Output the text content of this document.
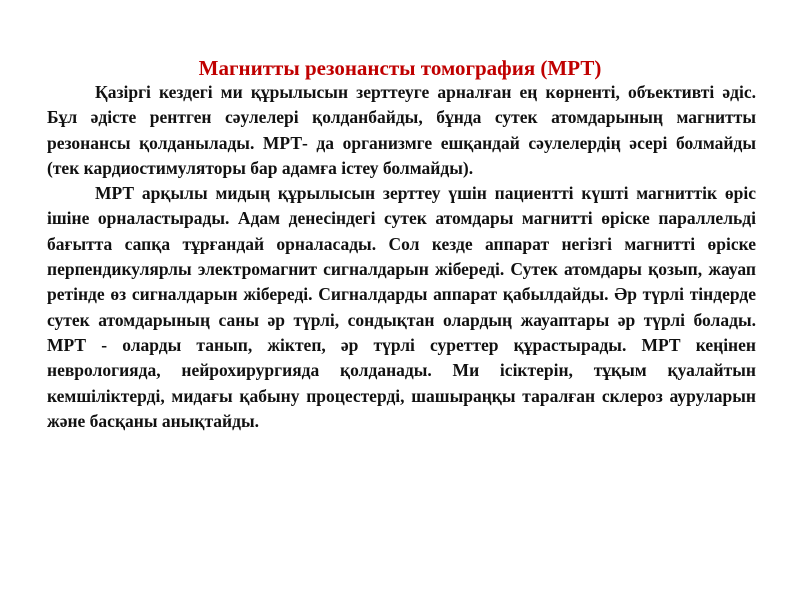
Магнитты резонансты томография (МРТ)

Қазіргі кездегі ми құрылысын зерттеуге арналған ең көрненті, объективті әдіс. Бұл әдісте рентген сәулелері қолданбайды, бұнда сутек атомдарының магнитты резонансы қолданылады. МРТ- да организмге ешқандай сәулелердің әсері болмайды (тек кардиостимуляторы бар адамға істеу болмайды).

МРТ арқылы мидың құрылысын зерттеу үшін пациентті күшті магниттік өріс ішіне орналастырады. Адам денесіндегі сутек атомдары магнитті өріске параллельді бағытта сапқа тұрғандай орналасады. Сол кезде аппарат негізгі магнитті өріске перпендикулярлы электромагнит сигналдарын жібереді. Сутек атомдары қозып, жауап ретінде өз сигналдарын жібереді. Сигналдарды аппарат қабылдайды. Әр түрлі тіндерде сутек атомдарының саны әр түрлі, сондықтан олардың жауаптары әр түрлі болады. МРТ - оларды танып, жіктеп, әр түрлі суреттер құрастырады. МРТ кеңінен неврологияда, нейрохирургияда қолданады. Ми ісіктерін, тұқым қуалайтын кемшіліктерді, мидағы қабыну процестерді, шашыраңқы таралған склероз ауруларын және басқаны анықтайды.
